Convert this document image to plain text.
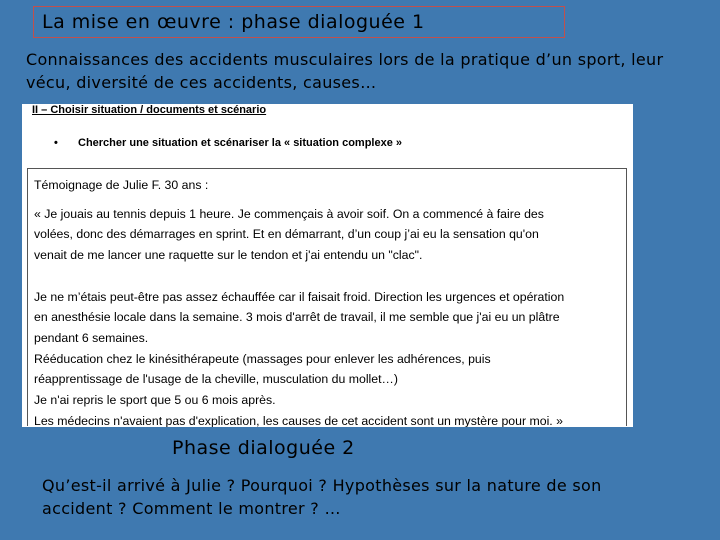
La mise en œuvre : phase dialoguée 1
Connaissances des accidents musculaires lors de la pratique d’un sport, leur vécu, diversité de ces accidents, causes…
II – Choisir situation / documents et scénario
• Chercher une situation et scénariser la « situation complexe »
Témoignage de Julie F. 30 ans :
« Je jouais au tennis depuis 1 heure. Je commençais à avoir soif. On a commencé à faire des
volées, donc des démarrages en sprint. Et en démarrant, d’un coup j’ai eu la sensation qu'on
venait de me lancer une raquette sur le tendon et j'ai entendu un "clac".

Je ne m’étais peut-être pas assez échauffée car il faisait froid. Direction les urgences et opération
en anesthésie locale dans la semaine. 3 mois d'arrêt de travail, il me semble que j'ai eu un plâtre
pendant 6 semaines.
Rééducation chez le kinésithérapeute (massages pour enlever les adhérences, puis
réapprentissage de l'usage de la cheville, musculation du mollet…)
Je n'ai repris le sport que 5 ou 6 mois après.
Les médecins n'avaient pas d'explication, les causes de cet accident sont un mystère pour moi. »
Phase dialoguée 2
Qu’est-il arrivé à Julie ? Pourquoi ? Hypothèses sur la nature de son accident ? Comment le montrer ? …
